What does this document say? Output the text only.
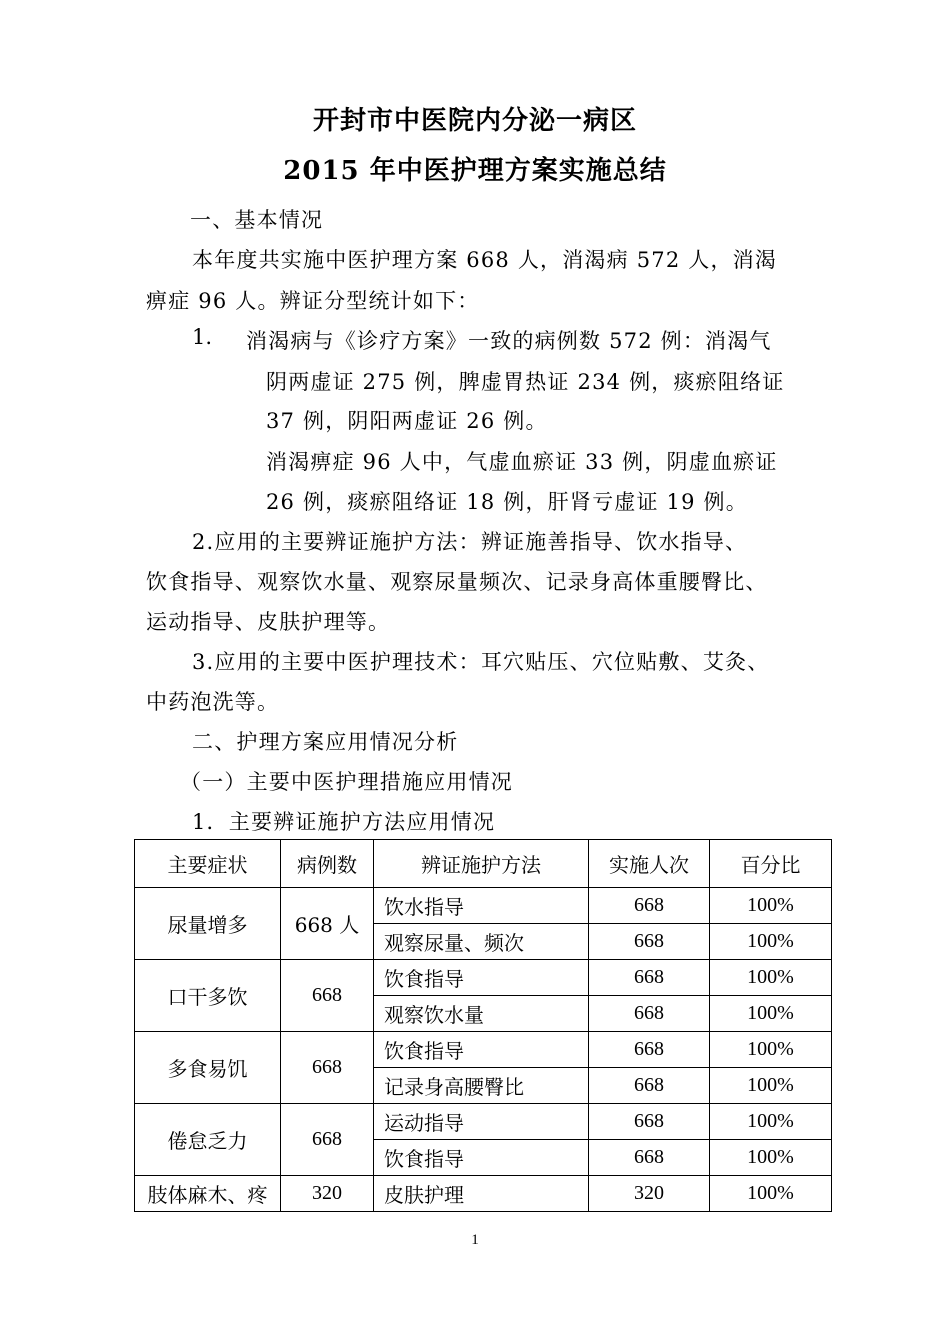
开封市中医院内分泌一病区
2015 年中医护理方案实施总结
一、基本情况
本年度共实施中医护理方案 668 人，消渴病 572 人，消渴
痹症 96 人。辨证分型统计如下：
1. 消渴病与《诊疗方案》一致的病例数 572 例：消渴气
阴两虚证 275 例，脾虚胃热证 234 例，痰瘀阻络证
37 例，阴阳两虚证 26 例。
消渴痹症 96 人中，气虚血瘀证 33 例，阴虚血瘀证
26 例，痰瘀阻络证 18 例，肝肾亏虚证 19 例。
2.应用的主要辨证施护方法：辨证施善指导、饮水指导、
饮食指导、观察饮水量、观察尿量频次、记录身高体重腰臀比、
运动指导、皮肤护理等。
3.应用的主要中医护理技术：耳穴贴压、穴位贴敷、艾灸、
中药泡洗等。
二、护理方案应用情况分析
（一）主要中医护理措施应用情况
1．主要辨证施护方法应用情况
主要症状	病例数	辨证施护方法	实施人次	百分比
尿量增多	668 人	饮水指导	668	100%
		观察尿量、频次	668	100%
口干多饮	668	饮食指导	668	100%
		观察饮水量	668	100%
多食易饥	668	饮食指导	668	100%
		记录身高腰臀比	668	100%
倦怠乏力	668	运动指导	668	100%
		饮食指导	668	100%
肢体麻木、疼	320	皮肤护理	320	100%
1
